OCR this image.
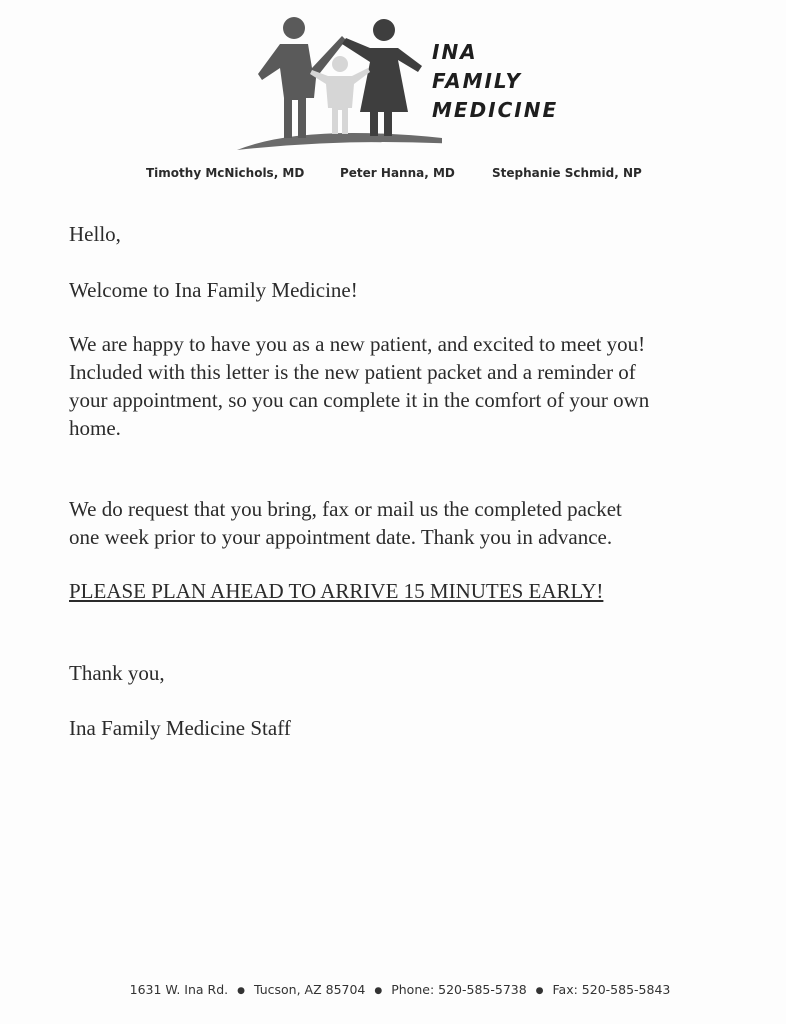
INA
FAMILY
MEDICINE
Timothy McNichols, MD	Peter Hanna, MD	Stephanie Schmid, NP

Hello,

Welcome to Ina Family Medicine!

We are happy to have you as a new patient, and excited to meet you!
Included with this letter is the new patient packet and a reminder of
your appointment, so you can complete it in the comfort of your own
home.
We do request that you bring, fax or mail us the completed packet
one week prior to your appointment date. Thank you in advance.

PLEASE PLAN AHEAD TO ARRIVE 15 MINUTES EARLY!

Thank you,

Ina Family Medicine Staff

1631 W. Ina Rd. ● Tucson, AZ 85704 ● Phone: 520-585-5738 ● Fax: 520-585-5843
